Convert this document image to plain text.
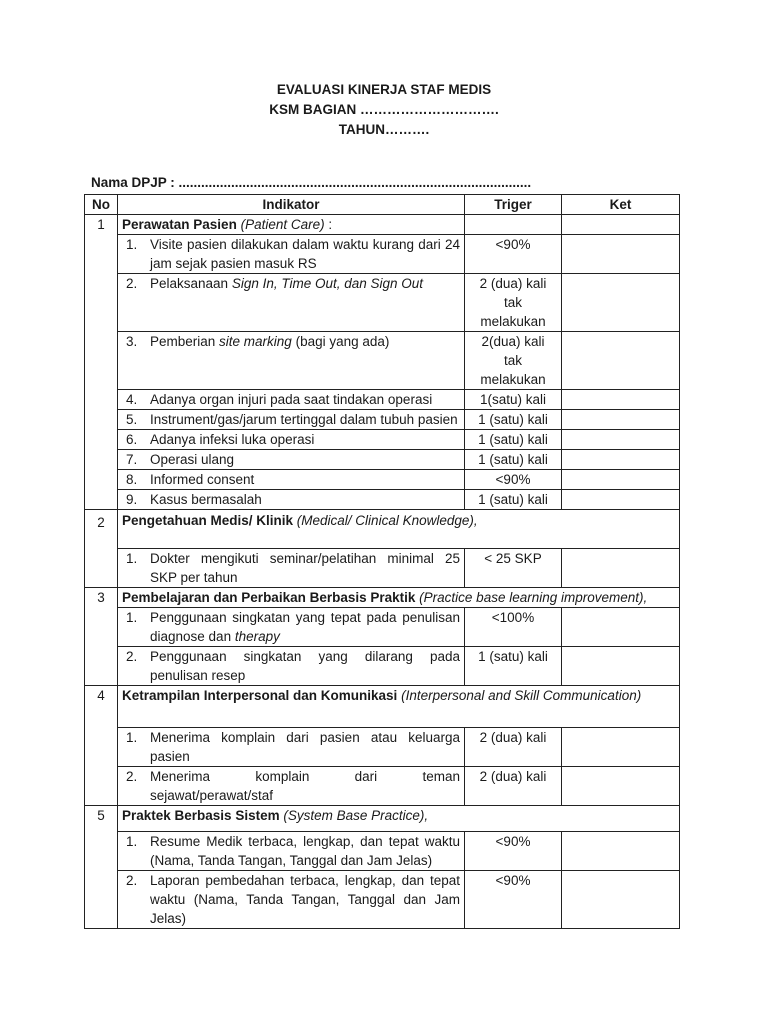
EVALUASI KINERJA STAF MEDIS
KSM BAGIAN ………………………….
TAHUN……….
Nama DPJP : ..............................................................................................
No	Indikator	Triger	Ket
1	Perawatan Pasien (Patient Care) :		

	1. Visite pasien dilakukan dalam waktu kurang dari 24 jam sejak pasien masuk RS	<90%	

	2. Pelaksanaan Sign In, Time Out, dan Sign Out	2 (dua) kali tak melakukan	

	3. Pemberian site marking (bagi yang ada)	2(dua) kali tak melakukan	

	4. Adanya organ injuri pada saat tindakan operasi	1(satu) kali	

	5. Instrument/gas/jarum tertinggal dalam tubuh pasien	1 (satu) kali	

	6. Adanya infeksi luka operasi	1 (satu) kali	

	7. Operasi ulang	1 (satu) kali	

	8. Informed consent	<90%	

	9. Kasus bermasalah	1 (satu) kali	

2	Pengetahuan Medis/ Klinik (Medical/ Clinical Knowledge),		

	1. Dokter mengikuti seminar/pelatihan minimal 25 SKP per tahun	< 25 SKP	
3	Pembelajaran dan Perbaikan Berbasis Praktik (Practice base learning improvement),		

	1. Penggunaan singkatan yang tepat pada penulisan diagnose dan therapy	<100%	

	2. Penggunaan singkatan yang dilarang pada penulisan resep	1 (satu) kali	
4	Ketrampilan Interpersonal dan Komunikasi (Interpersonal and Skill Communication)		

	1. Menerima komplain dari pasien atau keluarga pasien	2 (dua) kali	

	2. Menerima komplain dari teman sejawat/perawat/staf	2 (dua) kali	
5	Praktek Berbasis Sistem (System Base Practice),		

	1. Resume Medik terbaca, lengkap, dan tepat waktu (Nama, Tanda Tangan, Tanggal dan Jam Jelas)	<90%	

	2. Laporan pembedahan terbaca, lengkap, dan tepat waktu (Nama, Tanda Tangan, Tanggal dan Jam Jelas)	<90%	
